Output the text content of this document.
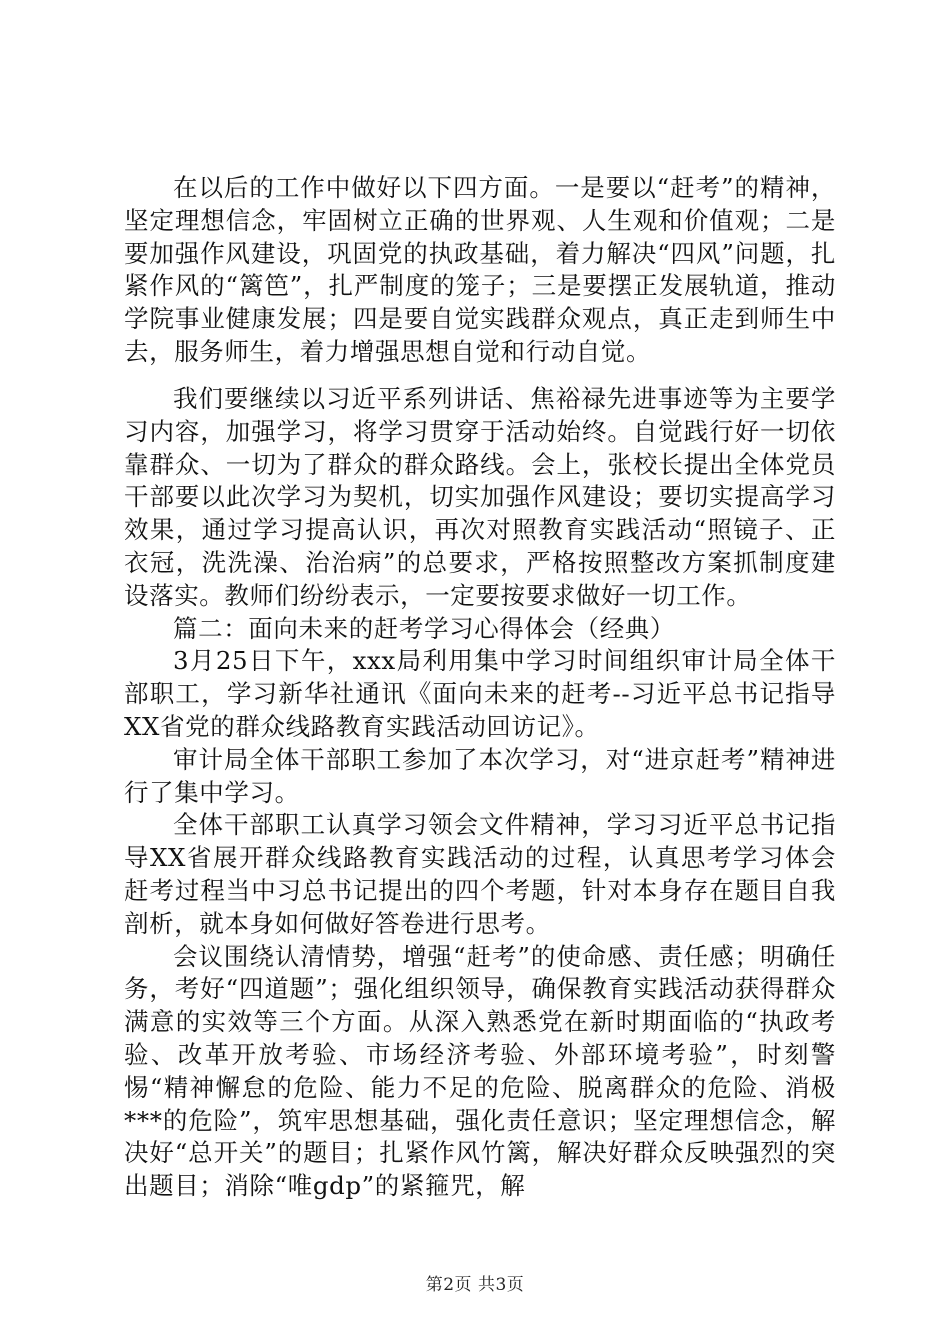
在以后的工作中做好以下四方面。一是要以“赶考”的精神，坚定理想信念，牢固树立正确的世界观、人生观和价值观；二是要加强作风建设，巩固党的执政基础，着力解决“四风”问题，扎紧作风的“篱笆”，扎严制度的笼子；三是要摆正发展轨道，推动学院事业健康发展；四是要自觉实践群众观点，真正走到师生中去，服务师生，着力增强思想自觉和行动自觉。

我们要继续以习近平系列讲话、焦裕禄先进事迹等为主要学习内容，加强学习，将学习贯穿于活动始终。自觉践行好一切依靠群众、一切为了群众的群众路线。会上，张校长提出全体党员干部要以此次学习为契机，切实加强作风建设；要切实提高学习效果，通过学习提高认识，再次对照教育实践活动“照镜子、正衣冠，洗洗澡、治治病”的总要求，严格按照整改方案抓制度建设落实。教师们纷纷表示，一定要按要求做好一切工作。

篇二：面向未来的赶考学习心得体会（经典）

3月25日下午，xxx局利用集中学习时间组织审计局全体干部职工，学习新华社通讯《面向未来的赶考--习近平总书记指导XX省党的群众线路教育实践活动回访记》。

审计局全体干部职工参加了本次学习，对“进京赶考”精神进行了集中学习。

全体干部职工认真学习领会文件精神，学习习近平总书记指导XX省展开群众线路教育实践活动的过程，认真思考学习体会赶考过程当中习总书记提出的四个考题，针对本身存在题目自我剖析，就本身如何做好答卷进行思考。

会议围绕认清情势，增强“赶考”的使命感、责任感；明确任务，考好“四道题”；强化组织领导，确保教育实践活动获得群众满意的实效等三个方面。从深入熟悉党在新时期面临的“执政考验、改革开放考验、市场经济考验、外部环境考验”，时刻警惕“精神懈怠的危险、能力不足的危险、脱离群众的危险、消极***的危险”，筑牢思想基础，强化责任意识；坚定理想信念，解决好“总开关”的题目；扎紧作风竹篱，解决好群众反映强烈的突出题目；消除“唯gdp”的紧箍咒，解

第2页 共3页
